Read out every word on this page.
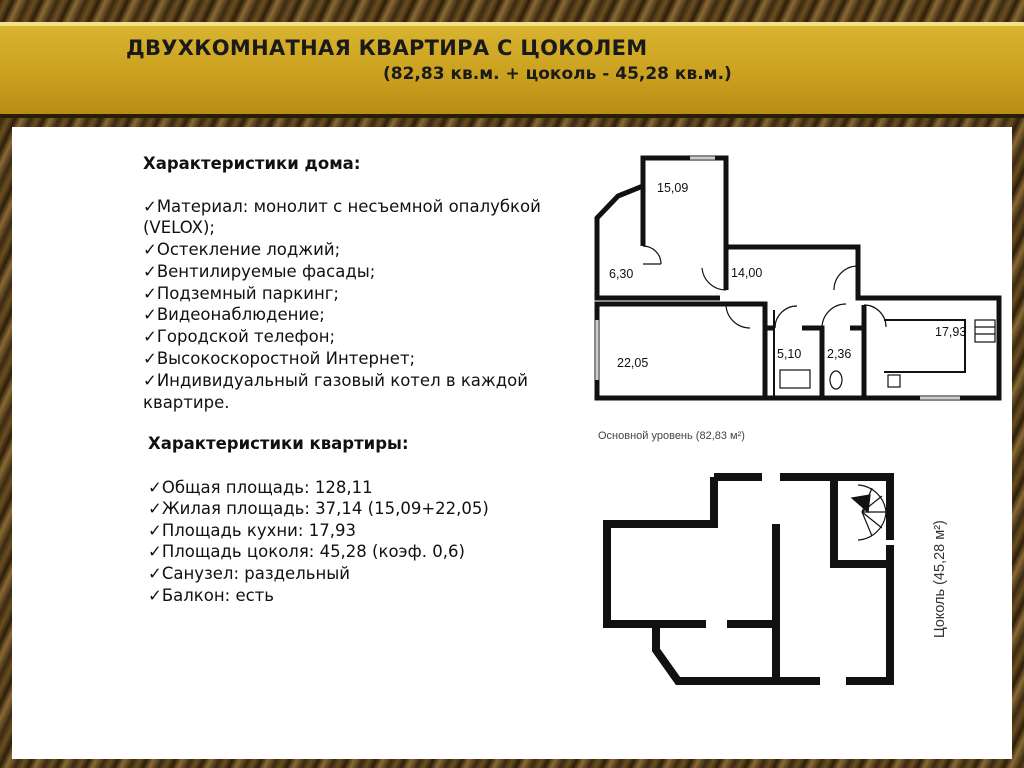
ДВУХКОМНАТНАЯ КВАРТИРА С ЦОКОЛЕМ
(82,83 кв.м. + цоколь - 45,28 кв.м.)
Характеристики дома:
✓Материал: монолит с несъемной опалубкой
(VELOX);
✓Остекление лоджий;
✓Вентилируемые фасады;
✓Подземный паркинг;
✓Видеонаблюдение;
✓Городской телефон;
✓Высокоскоростной Интернет;
✓Индивидуальный газовый котел в каждой
квартире.
Характеристики квартиры:
✓Общая площадь: 128,11
✓Жилая площадь: 37,14 (15,09+22,05)
✓Площадь кухни: 17,93
✓Площадь цоколя: 45,28 (коэф. 0,6)
✓Санузел: раздельный
✓Балкон: есть
15,09
6,30	14,00
22,05
5,10 2,36
17,93
Основной уровень (82,83 м²)
Цоколь (45,28 м²)
